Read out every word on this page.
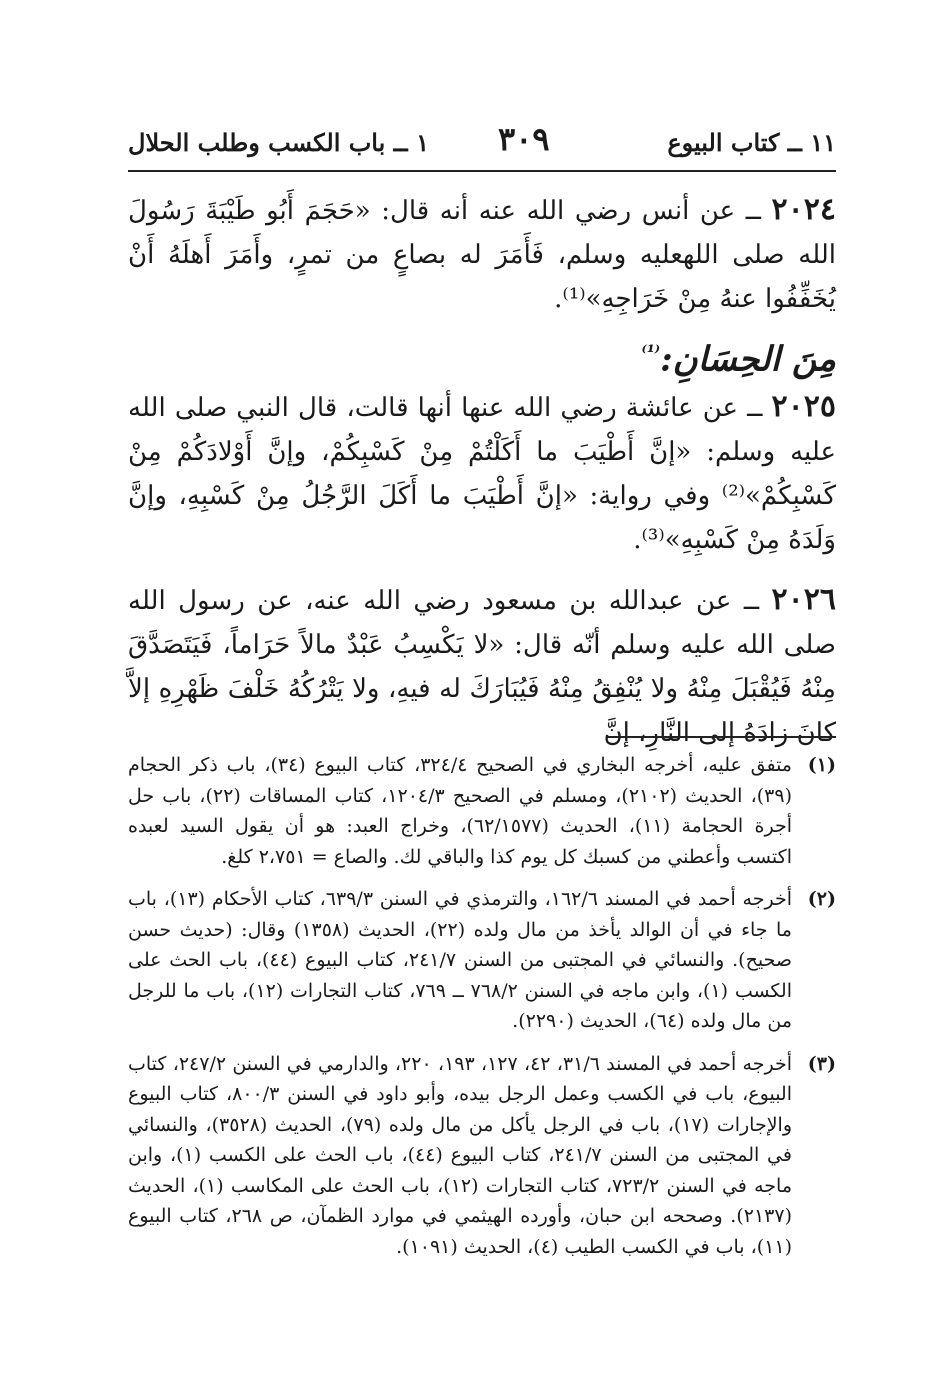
١١ ــ كتاب البيوع
٣٠٩
١ ــ باب الكسب وطلب الحلال

٢٠٢٤ ــ عن أنس رضي الله عنه أنه قال: «حَجَمَ أَبُو طَيْبَةَ رَسُولَ الله صلى اللهعليه وسلم، فَأَمَرَ له بصاعٍ من تمرٍ، وأَمَرَ أَهلَهُ أَنْ يُخَفِّفُوا عنهُ مِنْ خَرَاجِهِ»⁽¹⁾.

مِنَ الحِسَانِ:$^{^{(1)}}$

٢٠٢٥ ــ عن عائشة رضي الله عنها أنها قالت، قال النبي صلى الله عليه وسلم: «إنَّ أَطْيَبَ ما أَكَلْتُمْ مِنْ كَسْبِكُمْ، وإنَّ أَوْلادَكُمْ مِنْ كَسْبِكُمْ»⁽²⁾ وفي رواية: «إنَّ أَطْيَبَ ما أَكَلَ الرَّجُلُ مِنْ كَسْبِهِ، وإنَّ وَلَدَهُ مِنْ كَسْبِهِ»⁽³⁾.

٢٠٢٦ ــ عن عبدالله بن مسعود رضي الله عنه، عن رسول الله صلى الله عليه وسلم أنّه قال: «لا يَكْسِبُ عَبْدٌ مالاً حَرَاماً، فَيَتَصَدَّقَ مِنْهُ فَيُقْبَلَ مِنْهُ ولا يُنْفِقُ مِنْهُ فَيُبَارَكَ له فيهِ، ولا يَتْرُكُهُ خَلْفَ ظَهْرِهِ إلاَّ كانَ زادَهُ إلى النَّارِ، إنَّ

(١)
متفق عليه، أخرجه البخاري في الصحيح ٣٢٤/٤، كتاب البيوع (٣٤)، باب ذكر الحجام (٣٩)، الحديث (٢١٠٢)، ومسلم في الصحيح ١٢٠٤/٣، كتاب المساقات (٢٢)، باب حل أجرة الحجامة (١١)، الحديث (٦٢/١٥٧٧)، وخراج العبد: هو أن يقول السيد لعبده اكتسب وأعطني من كسبك كل يوم كذا والباقي لك. والصاع = ٢،٧٥١ كلغ.
(٢)
أخرجه أحمد في المسند ١٦٢/٦، والترمذي في السنن ٦٣٩/٣، كتاب الأحكام (١٣)، باب ما جاء في أن الوالد يأخذ من مال ولده (٢٢)، الحديث (١٣٥٨) وقال: (حديث حسن صحيح). والنسائي في المجتبى من السنن ٢٤١/٧، كتاب البيوع (٤٤)، باب الحث على الكسب (١)، وابن ماجه في السنن ٧٦٨/٢ ــ ٧٦٩، كتاب التجارات (١٢)، باب ما للرجل من مال ولده (٦٤)، الحديث (٢٢٩٠).
(٣)
أخرجه أحمد في المسند ٣١/٦، ٤٢، ١٢٧، ١٩٣، ٢٢٠، والدارمي في السنن ٢٤٧/٢، كتاب البيوع، باب في الكسب وعمل الرجل بيده، وأبو داود في السنن ٨٠٠/٣، كتاب البيوع والإجارات (١٧)، باب في الرجل يأكل من مال ولده (٧٩)، الحديث (٣٥٢٨)، والنسائي في المجتبى من السنن ٢٤١/٧، كتاب البيوع (٤٤)، باب الحث على الكسب (١)، وابن ماجه في السنن ٧٢٣/٢، كتاب التجارات (١٢)، باب الحث على المكاسب (١)، الحديث (٢١٣٧). وصححه ابن حبان، وأورده الهيثمي في موارد الظمآن، ص ٢٦٨، كتاب البيوع (١١)، باب في الكسب الطيب (٤)، الحديث (١٠٩١).
